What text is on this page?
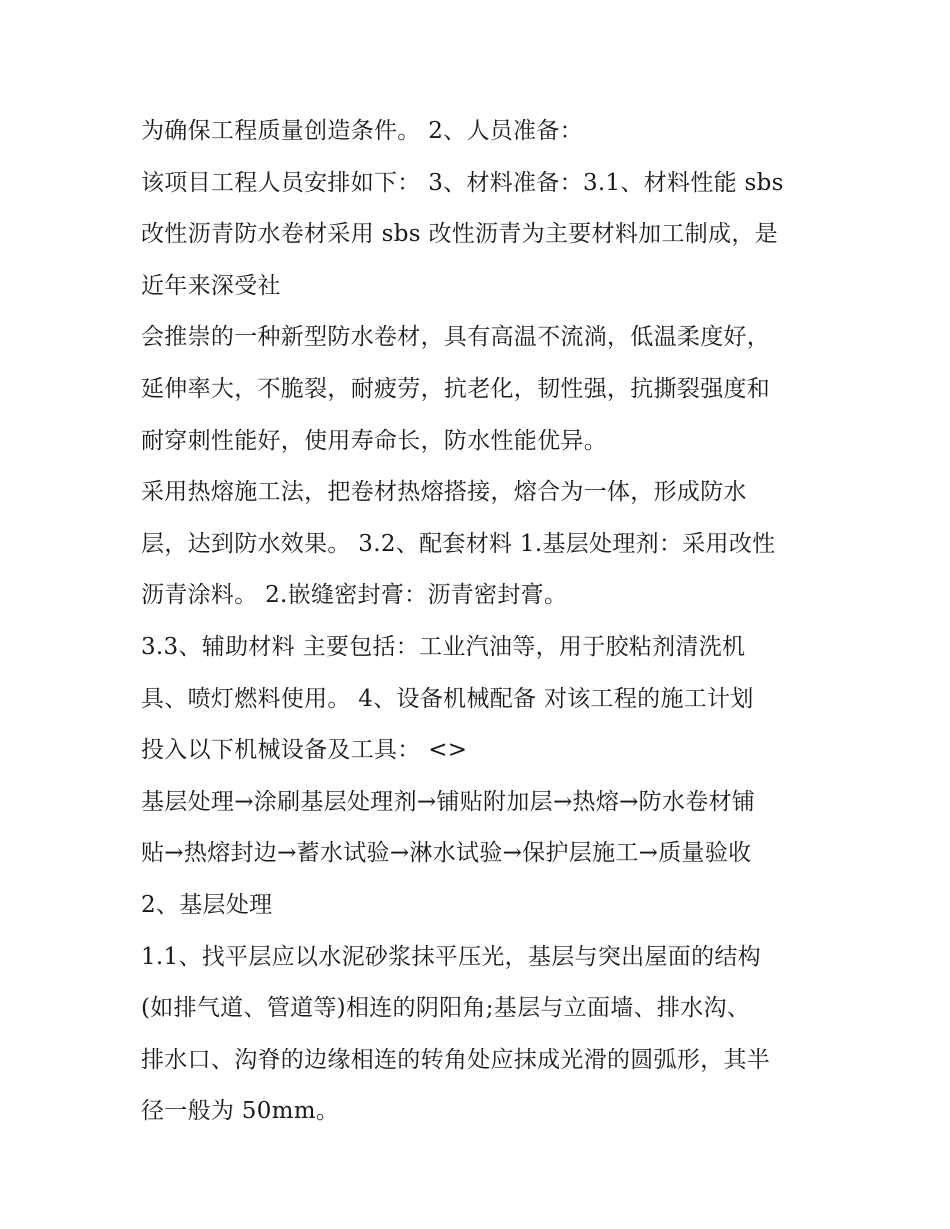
为确保工程质量创造条件。 2、人员准备：
该项目工程人员安排如下： 3、材料准备：3.1、材料性能 sbs
改性沥青防水卷材采用 sbs 改性沥青为主要材料加工制成，是
近年来深受社
会推崇的一种新型防水卷材，具有高温不流淌，低温柔度好，
延伸率大，不脆裂，耐疲劳，抗老化，韧性强，抗撕裂强度和
耐穿刺性能好，使用寿命长，防水性能优异。
采用热熔施工法，把卷材热熔搭接，熔合为一体，形成防水
层，达到防水效果。 3.2、配套材料 1.基层处理剂：采用改性
沥青涂料。 2.嵌缝密封膏：沥青密封膏。
3.3、辅助材料 主要包括：工业汽油等，用于胶粘剂清洗机
具、喷灯燃料使用。 4、设备机械配备 对该工程的施工计划
投入以下机械设备及工具： <>
基层处理→涂刷基层处理剂→铺贴附加层→热熔→防水卷材铺
贴→热熔封边→蓄水试验→淋水试验→保护层施工→质量验收
2、基层处理
1.1、找平层应以水泥砂浆抹平压光，基层与突出屋面的结构
(如排气道、管道等)相连的阴阳角;基层与立面墙、排水沟、
排水口、沟脊的边缘相连的转角处应抹成光滑的圆弧形，其半
径一般为 50mm。
